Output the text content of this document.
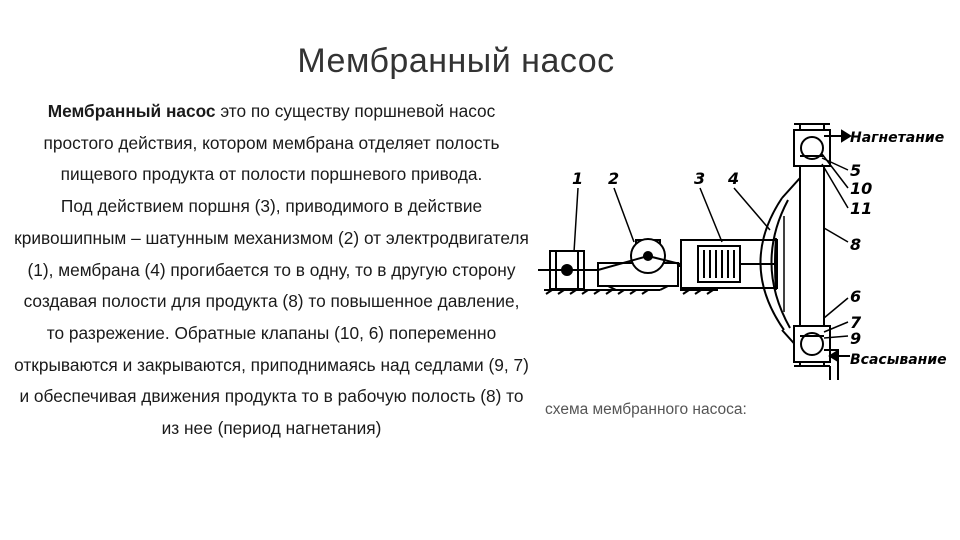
Мембранный насос

Мембранный насос это по существу поршневой насос простого действия, котором мембрана отделяет полость пищевого продукта от полости поршневого привода.

Под действием поршня (3), приводимого в действие кривошипным – шатунным механизмом (2) от электродвигателя (1), мембрана (4) прогибается то в одну, то в другую сторону создавая полости для продукта (8) то повышенное давление, то разрежение. Обратные клапаны (10, 6) попеременно открываются и закрываются, приподнимаясь над седлами (9, 7) и обеспечивая движения продукта то в рабочую полость (8) то из нее (период нагнетания)

1 2	3 4
Нагнетание
5
10
11
8
6
7
9
Всасывание
схема мембранного насоса:
